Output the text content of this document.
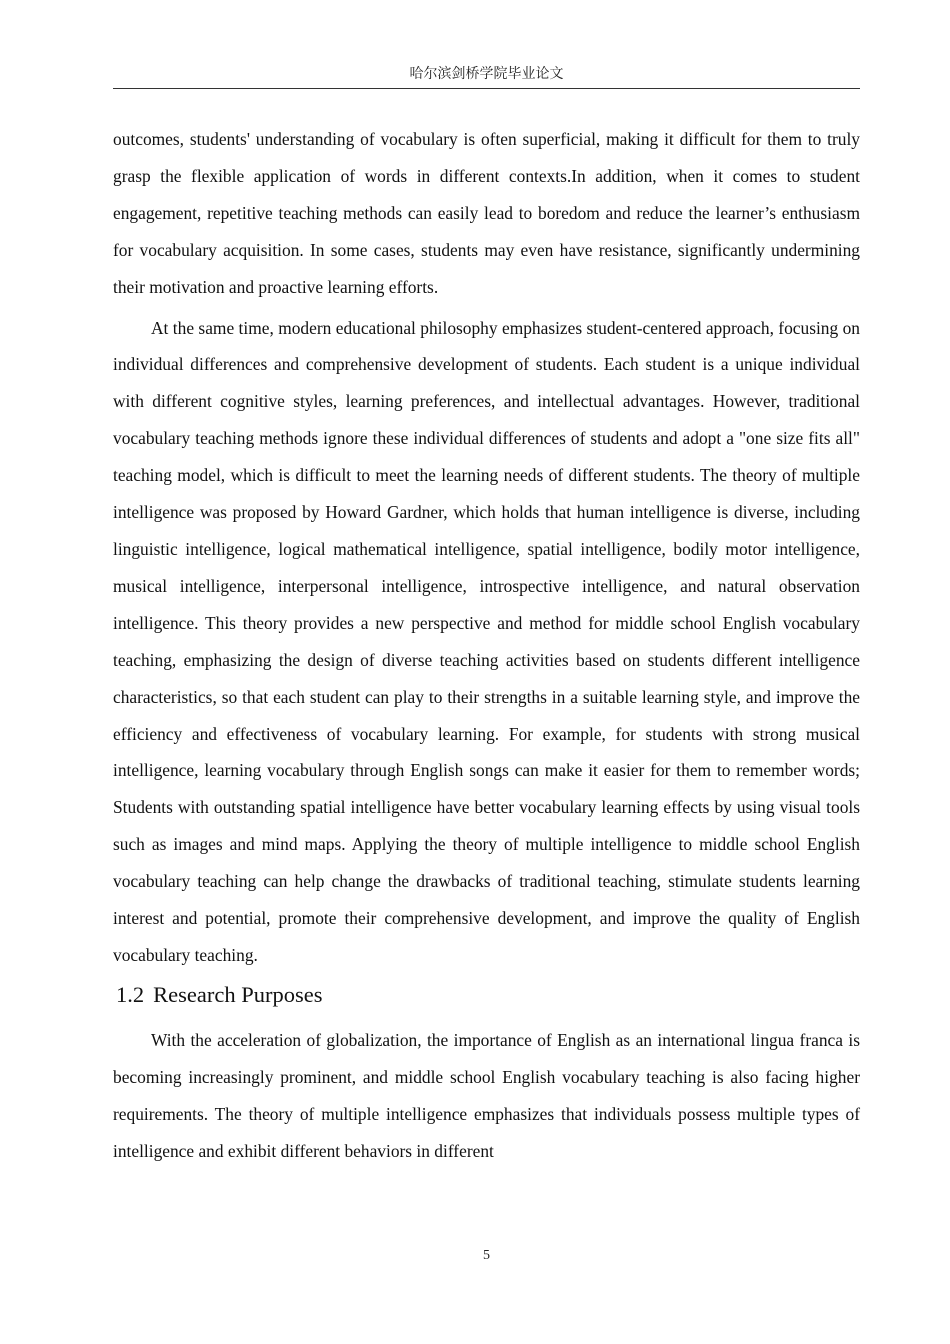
哈尔滨剑桥学院毕业论文

outcomes, students' understanding of vocabulary is often superficial, making it difficult for them to truly grasp the flexible application of words in different contexts.In addition, when it comes to student engagement, repetitive teaching methods can easily lead to boredom and reduce the learner’s enthusiasm for vocabulary acquisition. In some cases, students may even have resistance, significantly undermining their motivation and proactive learning efforts.

At the same time, modern educational philosophy emphasizes student-centered approach, focusing on individual differences and comprehensive development of students. Each student is a unique individual with different cognitive styles, learning preferences, and intellectual advantages. However, traditional vocabulary teaching methods ignore these individual differences of students and adopt a "one size fits all" teaching model, which is difficult to meet the learning needs of different students. The theory of multiple intelligence was proposed by Howard Gardner, which holds that human intelligence is diverse, including linguistic intelligence, logical mathematical intelligence, spatial intelligence, bodily motor intelligence, musical intelligence, interpersonal intelligence, introspective intelligence, and natural observation intelligence. This theory provides a new perspective and method for middle school English vocabulary teaching, emphasizing the design of diverse teaching activities based on students different intelligence characteristics, so that each student can play to their strengths in a suitable learning style, and improve the efficiency and effectiveness of vocabulary learning. For example, for students with strong musical intelligence, learning vocabulary through English songs can make it easier for them to remember words; Students with outstanding spatial intelligence have better vocabulary learning effects by using visual tools such as images and mind maps. Applying the theory of multiple intelligence to middle school English vocabulary teaching can help change the drawbacks of traditional teaching, stimulate students learning interest and potential, promote their comprehensive development, and improve the quality of English vocabulary teaching.

1.2 Research Purposes

With the acceleration of globalization, the importance of English as an international lingua franca is becoming increasingly prominent, and middle school English vocabulary teaching is also facing higher requirements. The theory of multiple intelligence emphasizes that individuals possess multiple types of intelligence and exhibit different behaviors in different

5
